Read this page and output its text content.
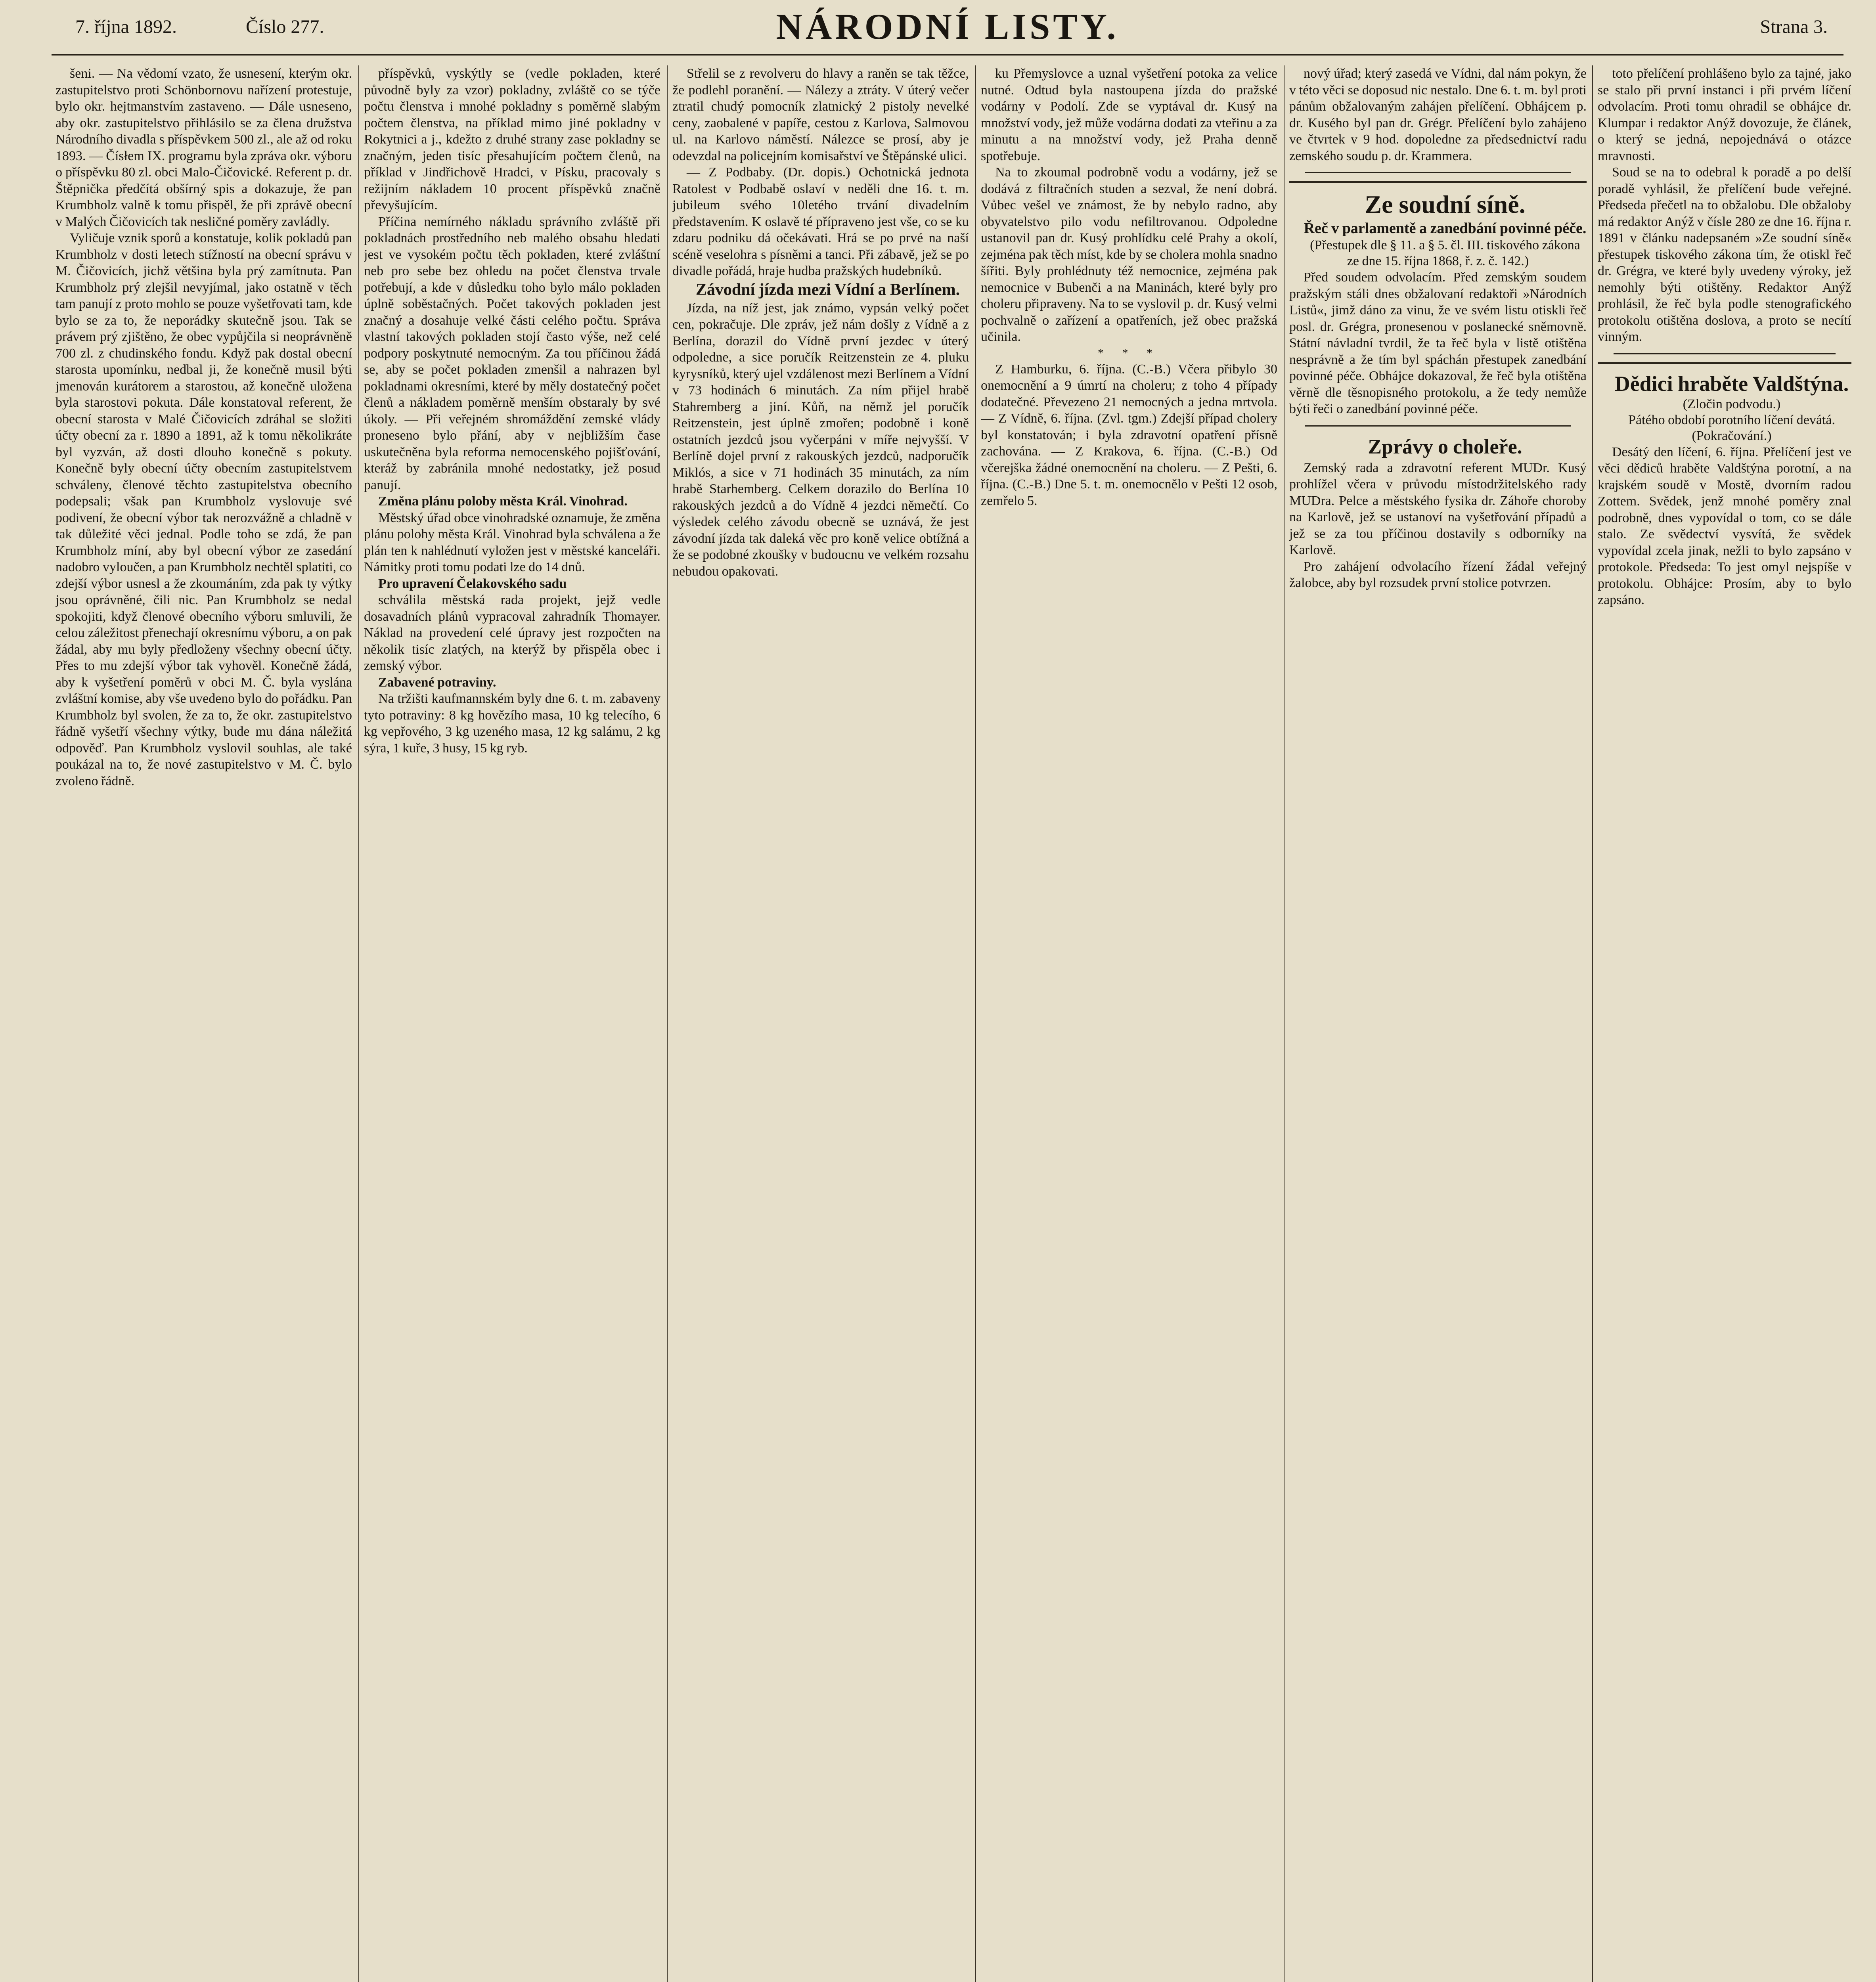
7. října 1892.	Číslo 277.	NÁRODNÍ LISTY.	Strana 3.

šeni. — Na vědomí vzato, že usnesení, kterým okr. zastupitelstvo proti Schönbornovu nařízení protestuje, bylo okr. hejtmanstvím zastaveno. — Dále usneseno, aby okr. zastupitelstvo přihlásilo se za člena družstva Národního divadla s příspěvkem 500 zl., ale až od roku 1893. — Čísłem IX. programu byla zpráva okr. výboru o příspěvku 80 zl. obci Malo-Čičovické. Referent p. dr. Štěpnička předčítá obšírný spis a dokazuje, že pan Krumbholz valně k tomu přispěl, že při zprávě obecní v Malých Čičovicích tak nesličné poměry zavládly.

Vyličuje vznik sporů a konstatuje, kolik pokladů pan Krumbholz v dosti letech stížností na obecní správu v M. Čičovicích, jichž většina byla prý zamítnuta. Pan Krumbholz prý zlejšil nevyjímal, jako ostatně v těch tam panují z proto mohlo se pouze vyšetřovati tam, kde bylo se za to, že neporádky skutečně jsou. Tak se právem prý zjištěno, že obec vypůjčila si neoprávněně 700 zl. z chudinského fondu. Když pak dostal obecní starosta upomínku, nedbal ji, že konečně musil býti jmenován kurátorem a starostou, až konečně uložena byla starostovi pokuta. Dále konstatoval referent, že obecní starosta v Malé Čičovicích zdráhal se složiti účty obecní za r. 1890 a 1891, až k tomu několikráte byl vyzván, až dosti dlouho konečně s pokuty. Konečně byly obecní účty obecním zastupitelstvem schváleny, členové těchto zastupitelstva obecního podepsali; však pan Krumbholz vyslovuje své podivení, že obecní výbor tak nerozvážně a chladně v tak důležité věci jednal. Podle toho se zdá, že pan Krumbholz míní, aby byl obecní výbor ze zasedání nadobro vyloučen, a pan Krumbholz nechtěl splatiti, co zdejší výbor usnesl a že zkoumáním, zda pak ty výtky jsou oprávněné, čili nic. Pan Krumbholz se nedal spokojiti, když členové obecního výboru smluvili, že celou záležitost přenechají okresnímu výboru, a on pak žádal, aby mu byly předloženy všechny obecní účty. Přes to mu zdejší výbor tak vyhověl. Konečně žádá, aby k vyšetření poměrů v obci M. Č. byla vyslána zvláštní komise, aby vše uvedeno bylo do pořádku. Pan Krumbholz byl svolen, že za to, že okr. zastupitelstvo řádně vyšetří všechny výtky, bude mu dána náležitá odpověď. Pan Krumbholz vyslovil souhlas, ale také poukázal na to, že nové zastupitelstvo v M. Č. bylo zvoleno řádně.

příspěvků, vyskýtly se (vedle pokladen, které původně byly za vzor) pokladny, zvláště co se týče počtu členstva i mnohé pokladny s poměrně slabým počtem členstva, na příklad mimo jiné pokladny v Rokytnici a j., kdežto z druhé strany zase pokladny se značným, jeden tisíc přesahujícím počtem členů, na příklad v Jindřichově Hradci, v Písku, pracovaly s režijním nákladem 10 procent příspěvků značně převyšujícím.

Příčina nemírného nákladu správního zvláště při pokladnách prostředního neb malého obsahu hledati jest ve vysokém počtu těch pokladen, které zvláštní neb pro sebe bez ohledu na počet členstva trvale potřebují, a kde v důsledku toho bylo málo pokladen úplně soběstačných. Počet takových pokladen jest značný a dosahuje velké části celého počtu. Správa vlastní takových pokladen stojí často výše, než celé podpory poskytnuté nemocným. Za tou příčinou žádá se, aby se počet pokladen zmenšil a nahrazen byl pokladnami okresními, které by měly dostatečný počet členů a nákladem poměrně menším obstaraly by své úkoly. — Při veřejném shromáždění zemské vlády proneseno bylo přání, aby v nejbližším čase uskutečněna byla reforma nemocenského pojišťování, kteráž by zabránila mnohé nedostatky, jež posud panují.

Změna plánu poloby města Král. Vinohrad.

Městský úřad obce vinohradské oznamuje, že změna plánu polohy města Král. Vinohrad byla schválena a že plán ten k nahlédnutí vyložen jest v městské kanceláři. Námitky proti tomu podati lze do 14 dnů.

Pro upravení Čelakovského sadu

schválila městská rada projekt, jejž vedle dosavadních plánů vypracoval zahradník Thomayer. Náklad na provedení celé úpravy jest rozpočten na několik tisíc zlatých, na kterýž by přispěla obec i zemský výbor.

Zabavené potraviny.

Na tržišti kaufmannském byly dne 6. t. m. zabaveny tyto potraviny: 8 kg hovězího masa, 10 kg telecího, 6 kg vepřového, 3 kg uzeného masa, 12 kg salámu, 2 kg sýra, 1 kuře, 3 husy, 15 kg ryb.

Střelil se z revolveru do hlavy a raněn se tak těžce, že podlehl poranění. — Nálezy a ztráty. V úterý večer ztratil chudý pomocník zlatnický 2 pistoly nevelké ceny, zaobalené v papíře, cestou z Karlova, Salmovou ul. na Karlovo náměstí. Nálezce se prosí, aby je odevzdal na policejním komisařství ve Štěpánské ulici.

— Z Podbaby. (Dr. dopis.) Ochotnická jednota Ratolest v Podbabě oslaví v neděli dne 16. t. m. jubileum svého 10letého trvání divadelním představením. K oslavě té přípraveno jest vše, co se ku zdaru podniku dá očekávati. Hrá se po prvé na naší scéně veselohra s písněmi a tanci. Při zábavě, jež se po divadle pořádá, hraje hudba pražských hudebníků.

Závodní jízda mezi Vídní a Berlínem.

Jízda, na níž jest, jak známo, vypsán velký počet cen, pokračuje. Dle zpráv, jež nám došly z Vídně a z Berlína, dorazil do Vídně první jezdec v úterý odpoledne, a sice poručík Reitzenstein ze 4. pluku kyrysníků, který ujel vzdálenost mezi Berlínem a Vídní v 73 hodinách 6 minutách. Za ním přijel hrabě Stahremberg a jiní. Kůň, na němž jel poručík Reitzenstein, jest úplně zmořen; podobně i koně ostatních jezdců jsou vyčerpáni v míře nejvyšší. V Berlíně dojel první z rakouských jezdců, nadporučík Miklós, a sice v 71 hodinách 35 minutách, za ním hrabě Starhemberg. Celkem dorazilo do Berlína 10 rakouských jezdců a do Vídně 4 jezdci němečtí. Co výsledek celého závodu obecně se uznává, že jest závodní jízda tak daleká věc pro koně velice obtížná a že se podobné zkoušky v budoucnu ve velkém rozsahu nebudou opakovati.

ku Přemyslovce a uznal vyšetření potoka za velice nutné. Odtud byla nastoupena jízda do pražské vodárny v Podolí. Zde se vyptával dr. Kusý na množství vody, jež může vodárna dodati za vteřinu a za minutu a na množství vody, jež Praha denně spotřebuje.

Na to zkoumal podrobně vodu a vodárny, jež se dodává z filtračních studen a sezval, že není dobrá. Vůbec vešel ve známost, že by nebylo radno, aby obyvatelstvo pilo vodu nefiltrovanou. Odpoledne ustanovil pan dr. Kusý prohlídku celé Prahy a okolí, zejména pak těch míst, kde by se cholera mohla snadno šířiti. Byly prohlédnuty též nemocnice, zejména pak nemocnice v Bubenči a na Maninách, které byly pro choleru připraveny. Na to se vyslovil p. dr. Kusý velmi pochvalně o zařízení a opatřeních, jež obec pražská učinila.

* * *

Z Hamburku, 6. října. (C.-B.) Včera přibylo 30 onemocnění a 9 úmrtí na choleru; z toho 4 případy dodatečné. Převezeno 21 nemocných a jedna mrtvola. — Z Vídně, 6. října. (Zvl. tgm.) Zdejší případ cholery byl konstatován; i byla zdravotní opatření přísně zachována. — Z Krakova, 6. října. (C.-B.) Od včerejška žádné onemocnění na choleru. — Z Pešti, 6. října. (C.-B.) Dne 5. t. m. onemocnělo v Pešti 12 osob, zemřelo 5.

nový úřad; který zasedá ve Vídni, dal nám pokyn, že v této věci se doposud nic nestalo. Dne 6. t. m. byl proti pánům obžalovaným zahájen přelíčení. Obhájcem p. dr. Kusého byl pan dr. Grégr. Přelíčení bylo zahájeno ve čtvrtek v 9 hod. dopoledne za předsednictví radu zemského soudu p. dr. Krammera.

Ze soudní síně.

Řeč v parlamentě a zanedbání povinné péče.

(Přestupek dle § 11. a § 5. čl. III. tiskového zákona ze dne 15. října 1868, ř. z. č. 142.)

Před soudem odvolacím. Před zemským soudem pražským stáli dnes obžalovaní redaktoři »Národních Listů«, jimž dáno za vinu, že ve svém listu otiskli řeč posl. dr. Grégra, pronesenou v poslanecké sněmovně. Státní návladní tvrdil, že ta řeč byla v listě otištěna nesprávně a že tím byl spáchán přestupek zanedbání povinné péče. Obhájce dokazoval, že řeč byla otištěna věrně dle těsnopisného protokolu, a že tedy nemůže býti řeči o zanedbání povinné péče.

Zprávy o choleře.

Zemský rada a zdravotní referent MUDr. Kusý prohlížel včera v průvodu místodržitelského rady MUDra. Pelce a městského fysika dr. Záhoře choroby na Karlově, jež se ustanoví na vyšetřování případů a jež se za tou příčinou dostavily s odborníky na Karlově.

Pro zahájení odvolacího řízení žádal veřejný žalobce, aby byl rozsudek první stolice potvrzen.

toto přelíčení prohlášeno bylo za tajné, jako se stalo při první instanci i při prvém líčení odvolacím. Proti tomu ohradil se obhájce dr. Klumpar i redaktor Anýž dovozuje, že článek, o který se jedná, nepojednává o otázce mravnosti.

Soud se na to odebral k poradě a po delší poradě vyhlásil, že přelíčení bude veřejné. Předseda přečetl na to obžalobu. Dle obžaloby má redaktor Anýž v čísle 280 ze dne 16. října r. 1891 v článku nadepsaném »Ze soudní síně« přestupek tiskového zákona tím, že otiskl řeč dr. Grégra, ve které byly uvedeny výroky, jež nemohly býti otištěny. Redaktor Anýž prohlásil, že řeč byla podle stenografického protokolu otištěna doslova, a proto se necítí vinným.

Dědici hraběte Valdštýna.

(Zločin podvodu.)

Pátého období porotního líčení devátá.

(Pokračování.)

Desátý den líčení, 6. října. Přelíčení jest ve věci dědiců hraběte Valdštýna porotní, a na krajském soudě v Mostě, dvorním radou Zottem. Svědek, jenž mnohé poměry znal podrobně, dnes vypovídal o tom, co se dále stalo. Ze svědectví vysvítá, že svědek vypovídal zcela jinak, nežli to bylo zapsáno v protokole. Předseda: To jest omyl nejspíše v protokolu. Obhájce: Prosím, aby to bylo zapsáno.
